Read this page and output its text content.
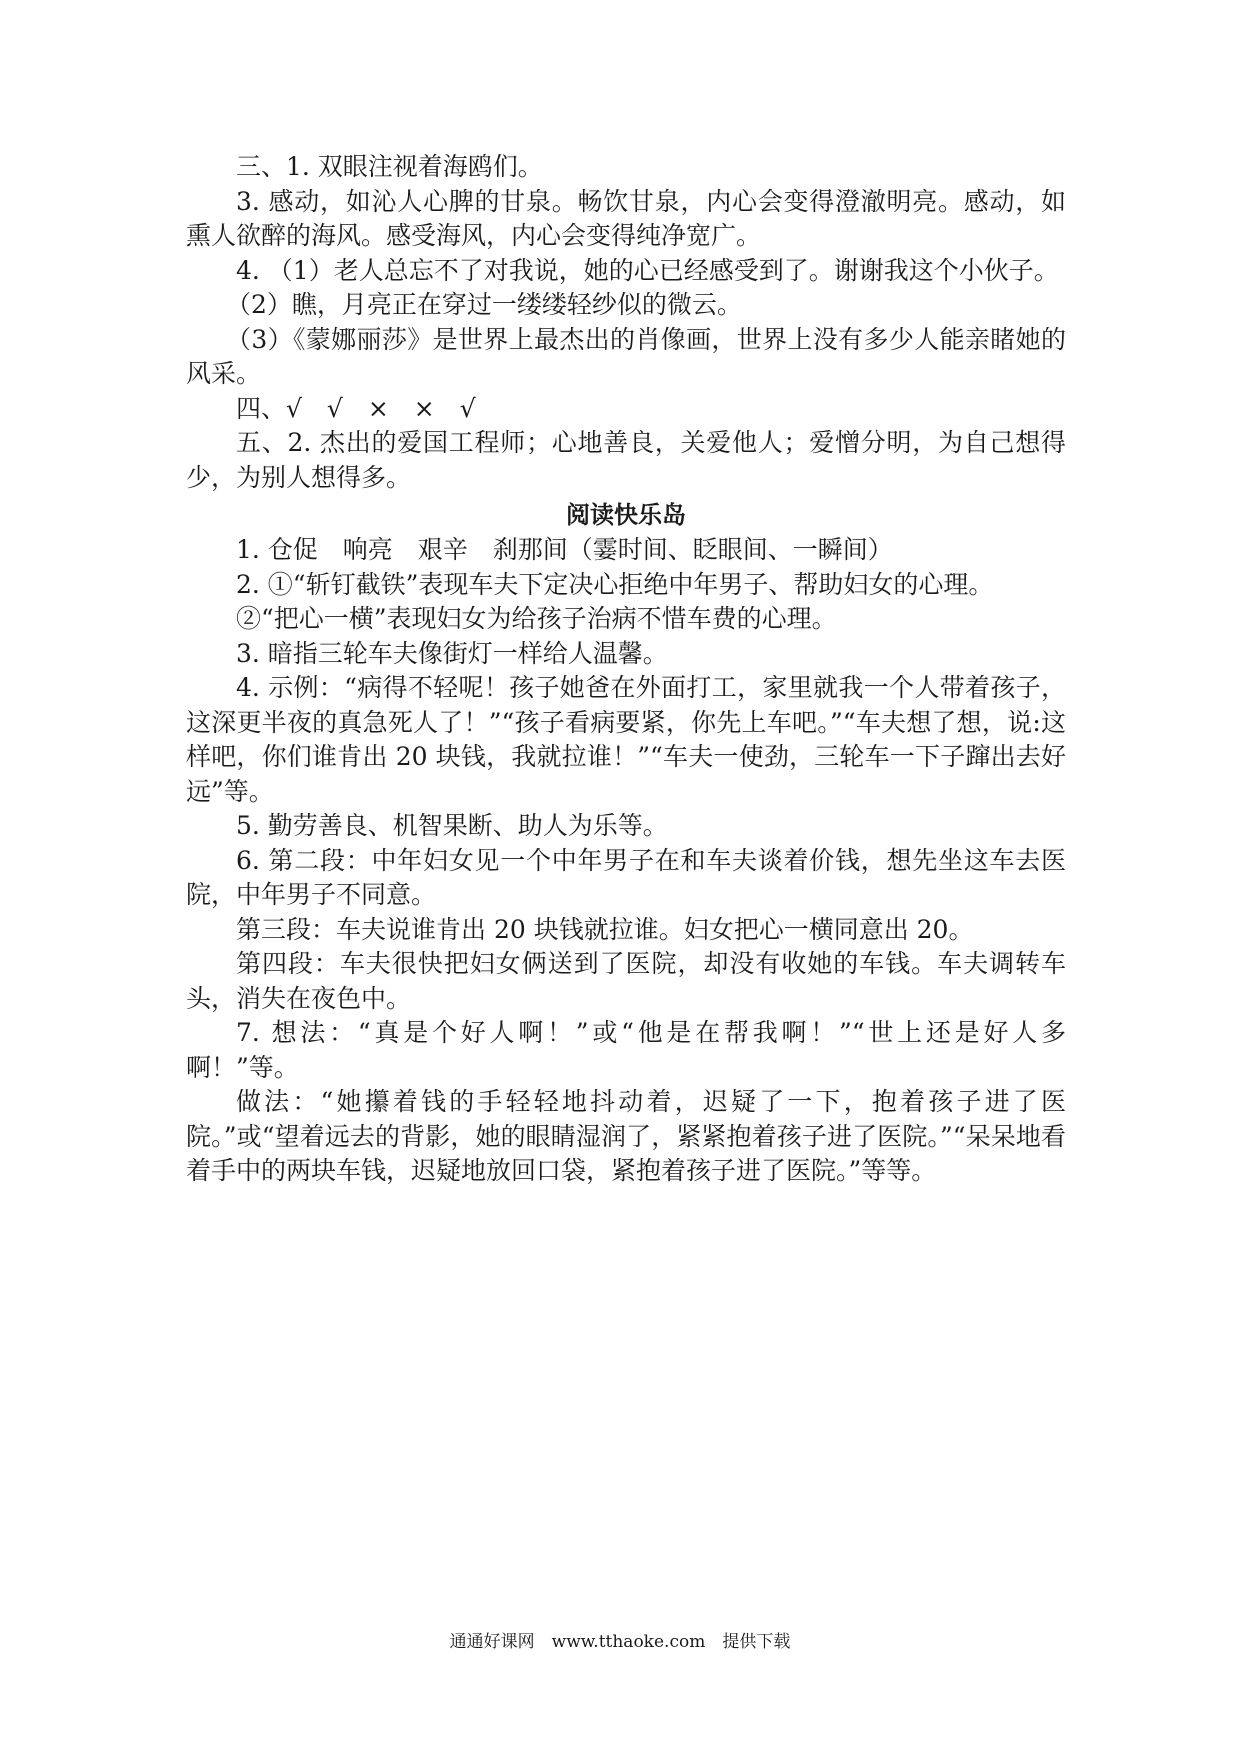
三、1. 双眼注视着海鸥们。

3. 感动，如沁人心脾的甘泉。畅饮甘泉，内心会变得澄澈明亮。感动，如熏人欲醉的海风。感受海风，内心会变得纯净宽广。

4. （1）老人总忘不了对我说，她的心已经感受到了。谢谢我这个小伙子。

（2）瞧，月亮正在穿过一缕缕轻纱似的微云。

（3）《蒙娜丽莎》是世界上最杰出的肖像画，世界上没有多少人能亲睹她的风采。

四、√　√　×　×　√

五、2. 杰出的爱国工程师；心地善良，关爱他人；爱憎分明，为自己想得少，为别人想得多。

阅读快乐岛

1. 仓促　响亮　艰辛　刹那间（霎时间、眨眼间、一瞬间）

2. ①“斩钉截铁”表现车夫下定决心拒绝中年男子、帮助妇女的心理。

②“把心一横”表现妇女为给孩子治病不惜车费的心理。

3. 暗指三轮车夫像街灯一样给人温馨。

4. 示例：“病得不轻呢！孩子她爸在外面打工，家里就我一个人带着孩子，这深更半夜的真急死人了！”“孩子看病要紧，你先上车吧。”“车夫想了想，说:这样吧，你们谁肯出 20 块钱，我就拉谁！”“车夫一使劲，三轮车一下子蹿出去好远”等。

5. 勤劳善良、机智果断、助人为乐等。

6. 第二段：中年妇女见一个中年男子在和车夫谈着价钱，想先坐这车去医院，中年男子不同意。

第三段：车夫说谁肯出 20 块钱就拉谁。妇女把心一横同意出 20。

第四段：车夫很快把妇女俩送到了医院，却没有收她的车钱。车夫调转车头，消失在夜色中。

7. 想法：“真是个好人啊！”或“他是在帮我啊！”“世上还是好人多啊！”等。

做法：“她攥着钱的手轻轻地抖动着，迟疑了一下，抱着孩子进了医院。”或“望着远去的背影，她的眼睛湿润了，紧紧抱着孩子进了医院。”“呆呆地看着手中的两块车钱，迟疑地放回口袋，紧抱着孩子进了医院。”等等。

通通好课网　www.tthaoke.com　提供下载
